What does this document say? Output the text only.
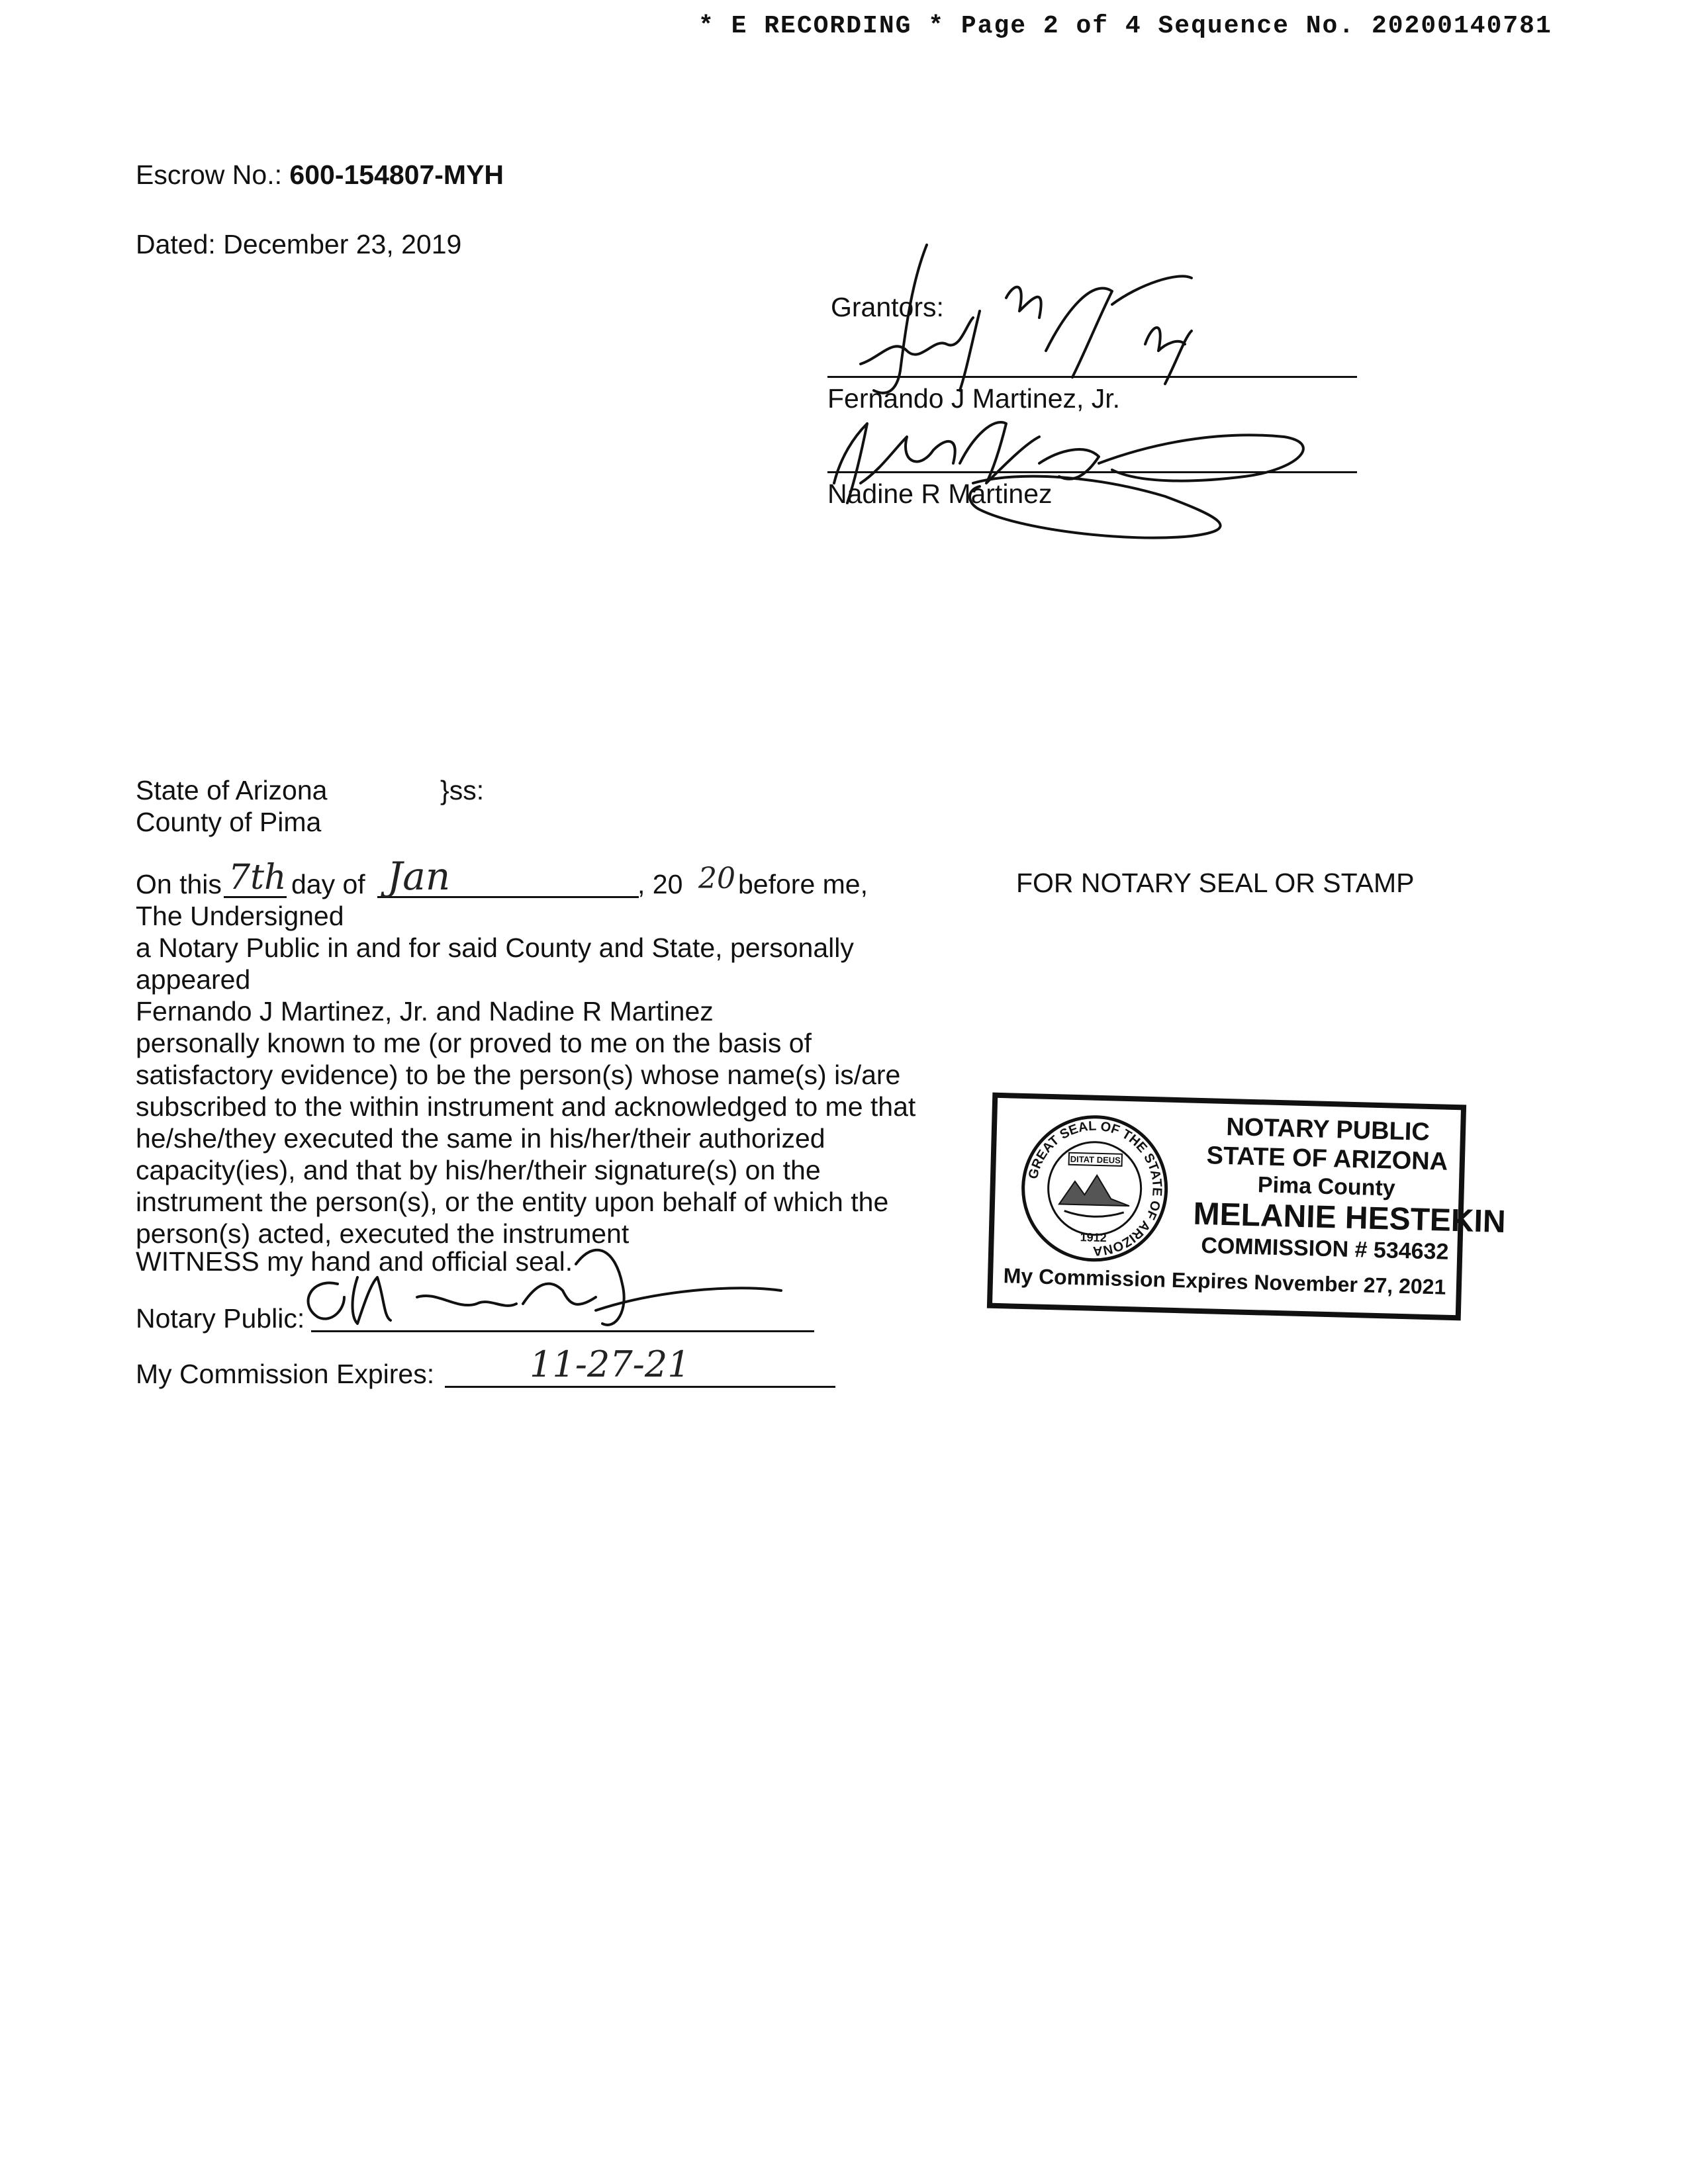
* E RECORDING * Page 2 of 4 Sequence No. 20200140781
Escrow No.: 600-154807-MYH
Dated: December 23, 2019
Grantors:
Fernando J Martinez, Jr.
Nadine R Martinez
State of Arizona	}ss:
County of Pima
On this 7th day of Jan	, 20 20 before me,	FOR NOTARY SEAL OR STAMP
The Undersigned
a Notary Public in and for said County and State, personally
appeared
Fernando J Martinez, Jr. and Nadine R Martinez
personally known to me (or proved to me on the basis of
satisfactory evidence) to be the person(s) whose name(s) is/are
subscribed to the within instrument and acknowledged to me that
he/she/they executed the same in his/her/their authorized
capacity(ies), and that by his/her/their signature(s) on the
instrument the person(s), or the entity upon behalf of which the
person(s) acted, executed the instrument
WITNESS my hand and official seal.
Notary Public:
My Commission Expires:	11-27-21
GREAT SEAL OF THE STATE OF ARIZONA
DITAT DEUS
1912
NOTARY PUBLIC
STATE OF ARIZONA
Pima County
MELANIE HESTEKIN
COMMISSION # 534632
My Commission Expires November 27, 2021
